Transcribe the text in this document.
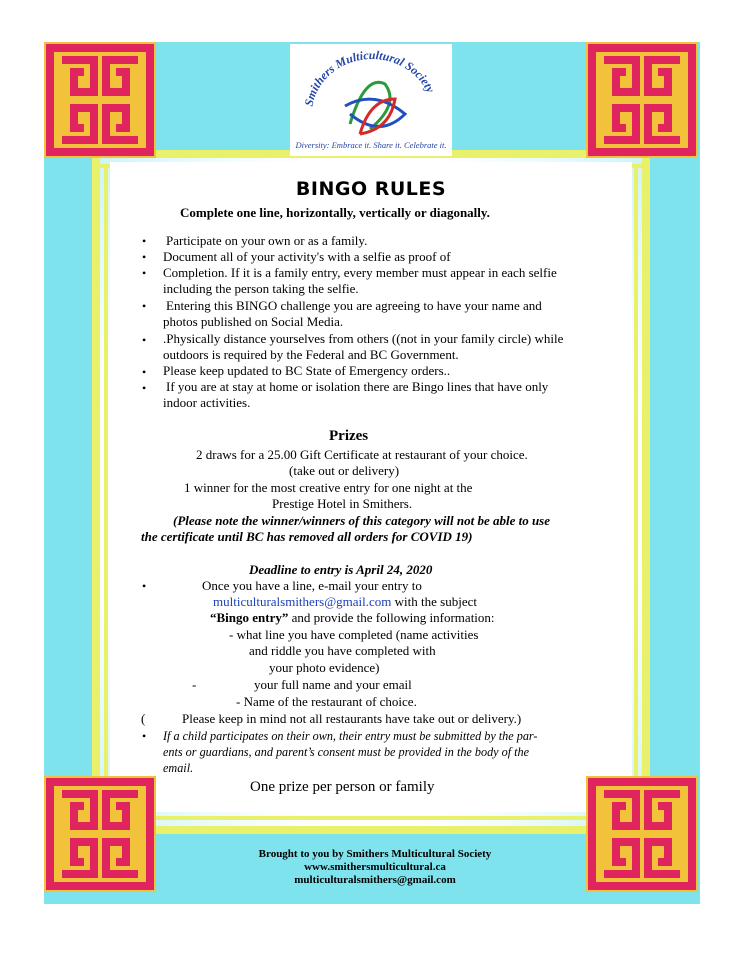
Smithers Multicultural Society
Diversity: Embrace it. Share it. Celebrate it.
BINGO RULES
Complete one line, horizontally, vertically or diagonally.
• Participate on your own or as a family.
• Document all of your activity's with a selfie as proof of
• Completion. If it is a family entry, every member must appear in each selfie
including the person taking the selfie.
• Entering this BINGO challenge you are agreeing to have your name and
photos published on Social Media.
• .Physically distance yourselves from others ((not in your family circle) while
outdoors is required by the Federal and BC Government.
• Please keep updated to BC State of Emergency orders..
• If you are at stay at home or isolation there are Bingo lines that have only
indoor activities.
Prizes
2 draws for a 25.00 Gift Certificate at restaurant of your choice.
(take out or delivery)
1 winner for the most creative entry for one night at the
Prestige Hotel in Smithers.
(Please note the winner/winners of this category will not be able to use
the certificate until BC has removed all orders for COVID 19)
Deadline to entry is April 24, 2020
•	Once you have a line, e-mail your entry to
multiculturalsmithers@gmail.com with the subject
“Bingo entry” and provide the following information:
- what line you have completed (name activities
and riddle you have completed with
your photo evidence)
-	your full name and your email
- Name of the restaurant of choice.
(	Please keep in mind not all restaurants have take out or delivery.)
• If a child participates on their own, their entry must be submitted by the par-
ents or guardians, and parent’s consent must be provided in the body of the
email.
One prize per person or family
Brought to you by Smithers Multicultural Society
www.smithersmulticultural.ca
multiculturalsmithers@gmail.com
